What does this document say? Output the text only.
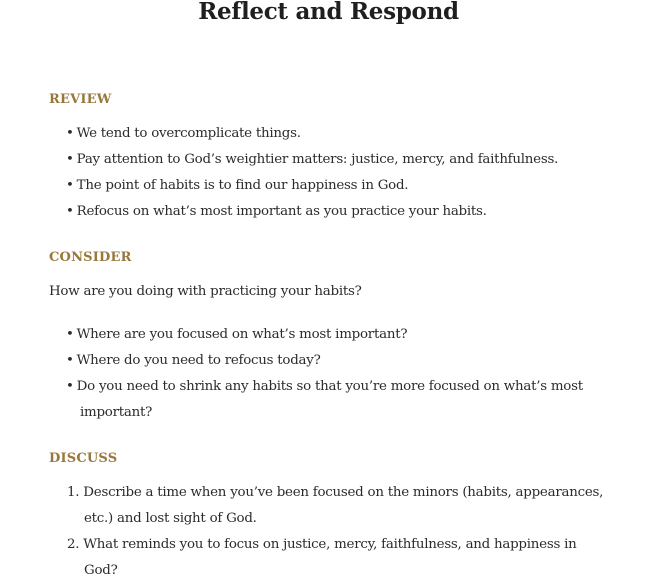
Reflect and Respond
REVIEW
• We tend to overcomplicate things.
• Pay attention to God’s weightier matters: justice, mercy, and faithfulness.
• The point of habits is to find our happiness in God.
• Refocus on what’s most important as you practice your habits.
CONSIDER
How are you doing with practicing your habits?
• Where are you focused on what’s most important?
• Where do you need to refocus today?
• Do you need to shrink any habits so that you’re more focused on what’s most
important?
DISCUSS
1. Describe a time when you’ve been focused on the minors (habits, appearances,
etc.) and lost sight of God.
2. What reminds you to focus on justice, mercy, faithfulness, and happiness in
God?
